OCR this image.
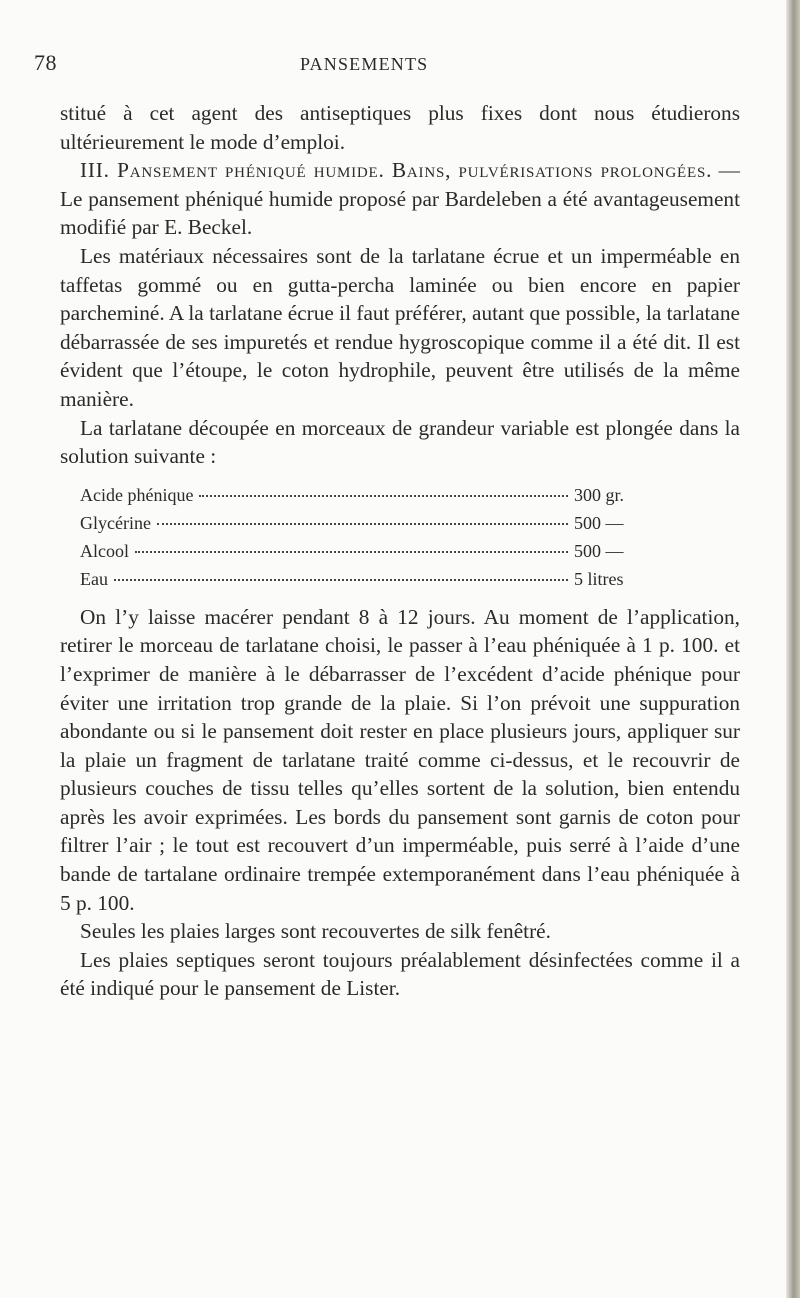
78	PANSEMENTS

stitué à cet agent des antiseptiques plus fixes dont nous étudierons ultérieurement le mode d’emploi.

III. Pansement phéniqué humide. Bains, pulvérisations prolongées. — Le pansement phéniqué humide proposé par Bardeleben a été avantageusement modifié par E. Beckel.

Les matériaux nécessaires sont de la tarlatane écrue et un imperméable en taffetas gommé ou en gutta-percha laminée ou bien encore en papier parcheminé. A la tarlatane écrue il faut préférer, autant que possible, la tarlatane débarrassée de ses impuretés et rendue hygroscopique comme il a été dit. Il est évident que l’étoupe, le coton hydrophile, peuvent être utilisés de la même manière.

La tarlatane découpée en morceaux de grandeur variable est plongée dans la solution suivante :

Acide phénique	300 gr.
Glycérine	500 —
Alcool	500 —
Eau	5 litres

On l’y laisse macérer pendant 8 à 12 jours. Au moment de l’application, retirer le morceau de tarlatane choisi, le passer à l’eau phéniquée à 1 p. 100. et l’exprimer de manière à le débarrasser de l’excédent d’acide phénique pour éviter une irritation trop grande de la plaie. Si l’on prévoit une suppuration abondante ou si le pansement doit rester en place plusieurs jours, appliquer sur la plaie un fragment de tarlatane traité comme ci-dessus, et le recouvrir de plusieurs couches de tissu telles qu’elles sortent de la solution, bien entendu après les avoir exprimées. Les bords du pansement sont garnis de coton pour filtrer l’air ; le tout est recouvert d’un imperméable, puis serré à l’aide d’une bande de tartalane ordinaire trempée extemporanément dans l’eau phéniquée à 5 p. 100.

Seules les plaies larges sont recouvertes de silk fenêtré.

Les plaies septiques seront toujours préalablement désinfectées comme il a été indiqué pour le pansement de Lister.
